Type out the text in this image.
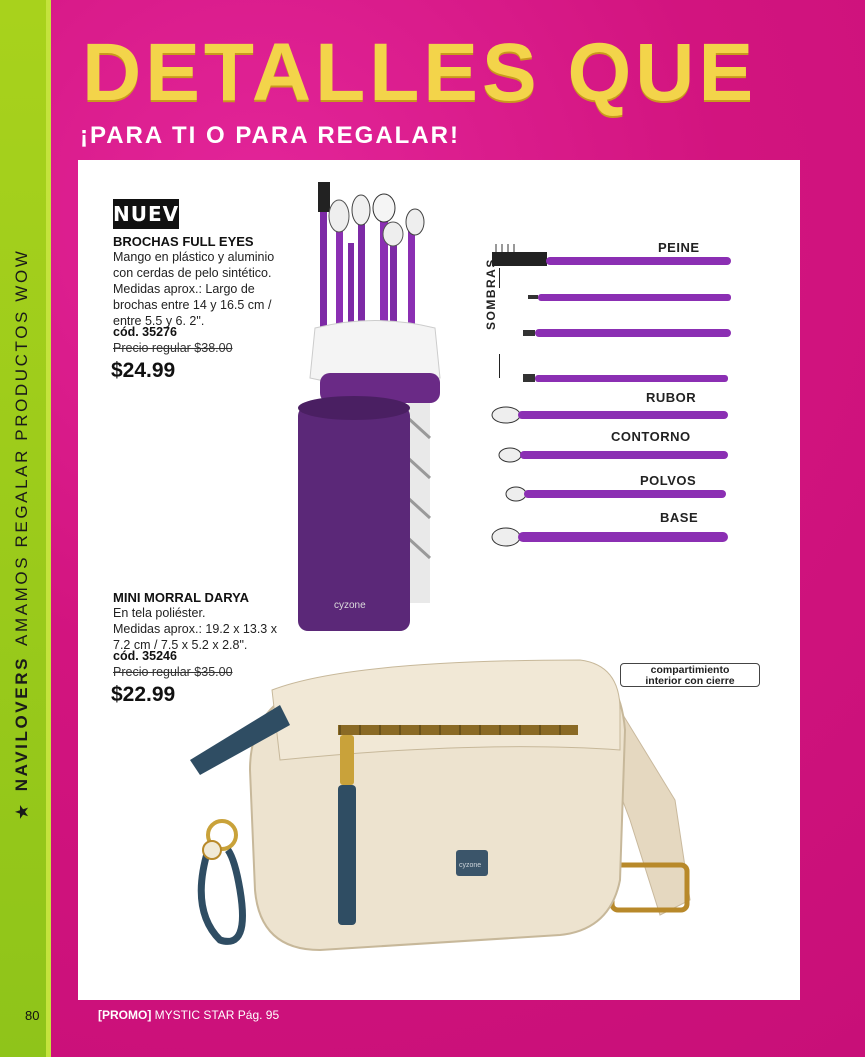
★
NAVILOVERS
AMAMOS REGALAR PRODUCTOS WOW
DETALLES QUE
¡PARA TI O PARA REGALAR!
NUEVO
BROCHAS FULL EYES
Mango en plástico y aluminio
con cerdas de pelo sintético.
Medidas aprox.: Largo de
brochas entre 14 y 16.5 cm /
entre 5.5 y 6. 2".
cód. 35276
Precio regular $38.00
$24.99
cyzone
PEINE
SOMBRAS
RUBOR
CONTORNO
POLVOS
BASE
MINI MORRAL DARYA
En tela poliéster.
Medidas aprox.: 19.2 x 13.3 x
7.2 cm / 7.5 x 5.2 x 2.8".
cód. 35246
Precio regular $35.00
$22.99
cyzone
compartimiento
interior con cierre
80	[PROMO] MYSTIC STAR Pág. 95
